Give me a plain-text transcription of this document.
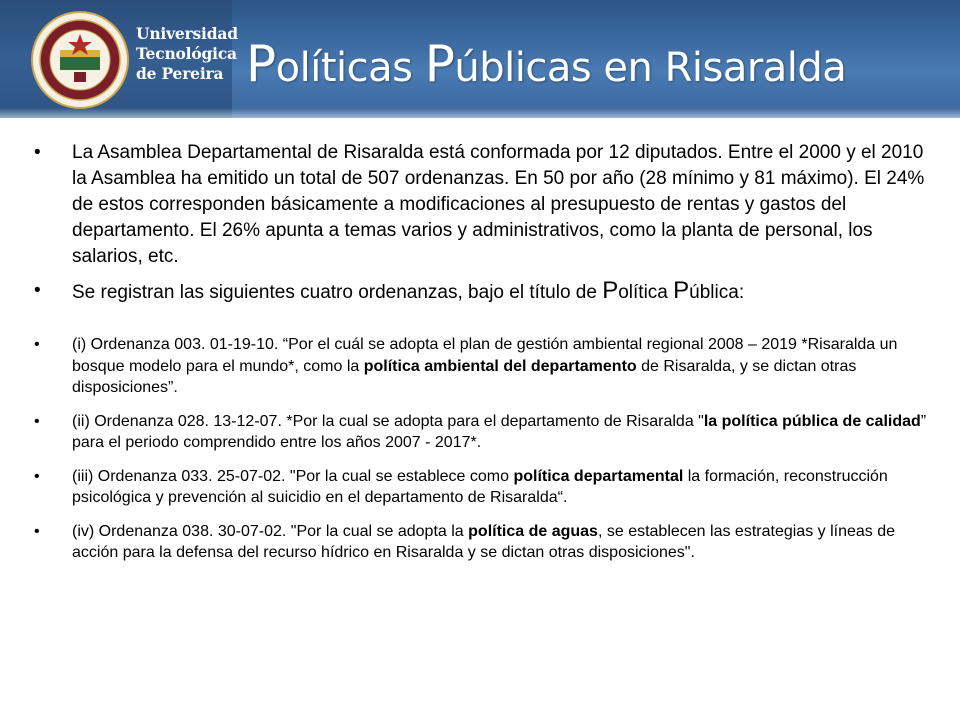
Universidad
Tecnológica
de Pereira Políticas Públicas en Risaralda
• La Asamblea Departamental de Risaralda está conformada por 12 diputados. Entre el 2000 y el 2010 la Asamblea ha emitido un total de 507 ordenanzas. En 50 por año (28 mínimo y 81 máximo). El 24% de estos corresponden básicamente a modificaciones al presupuesto de rentas y gastos del departamento. El 26% apunta a temas varios y administrativos, como la planta de personal, los salarios, etc.
• Se registran las siguientes cuatro ordenanzas, bajo el título de Política Pública:
• (i) Ordenanza 003. 01-19-10. “Por el cuál se adopta el plan de gestión ambiental regional 2008 – 2019 *Risaralda un bosque modelo para el mundo*, como la política ambiental del departamento de Risaralda, y se dictan otras disposiciones”.
• (ii) Ordenanza 028. 13-12-07. *Por la cual se adopta para el departamento de Risaralda "la política pública de calidad” para el periodo comprendido entre los años 2007 - 2017*.
• (iii) Ordenanza 033. 25-07-02. "Por la cual se establece como política departamental la formación, reconstrucción psicológica y prevención al suicidio en el departamento de Risaralda“.
• (iv) Ordenanza 038. 30-07-02. "Por la cual se adopta la política de aguas, se establecen las estrategias y líneas de acción para la defensa del recurso hídrico en Risaralda y se dictan otras disposiciones".
